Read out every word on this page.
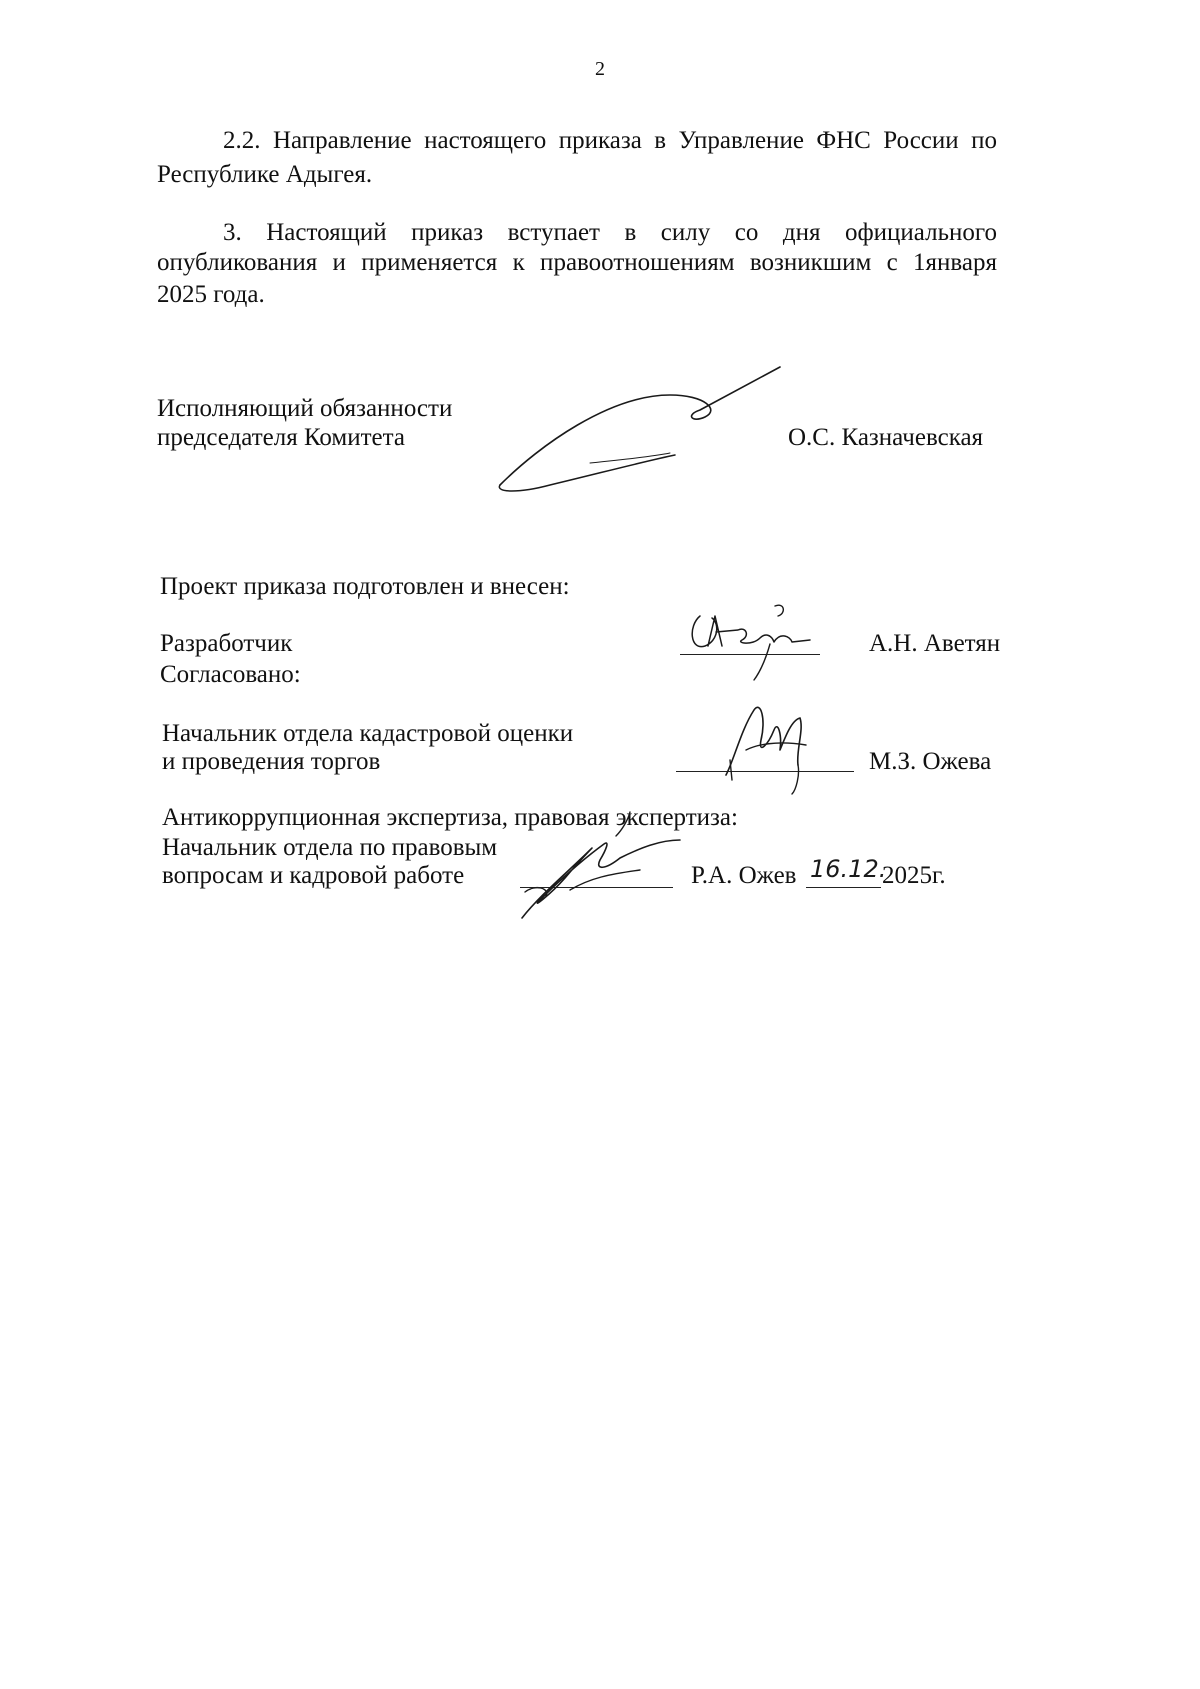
2
2.2. Направление настоящего приказа в Управление ФНС России по
Республике Адыгея.
3. Настоящий приказ вступает в силу со дня официального
опубликования и применяется к правоотношениям возникшим с 1января
2025 года.
Исполняющий обязанности
председателя Комитета	О.С. Казначевская
Проект приказа подготовлен и внесен:
Разработчик
Согласовано:
А.Н. Аветян
Начальник отдела кадастровой оценки
и проведения торгов	М.З. Ожева
Антикоррупционная экспертиза, правовая экспертиза:
Начальник отдела по правовым
вопросам и кадровой работе	Р.А. Ожев 16.12.
2025г.
